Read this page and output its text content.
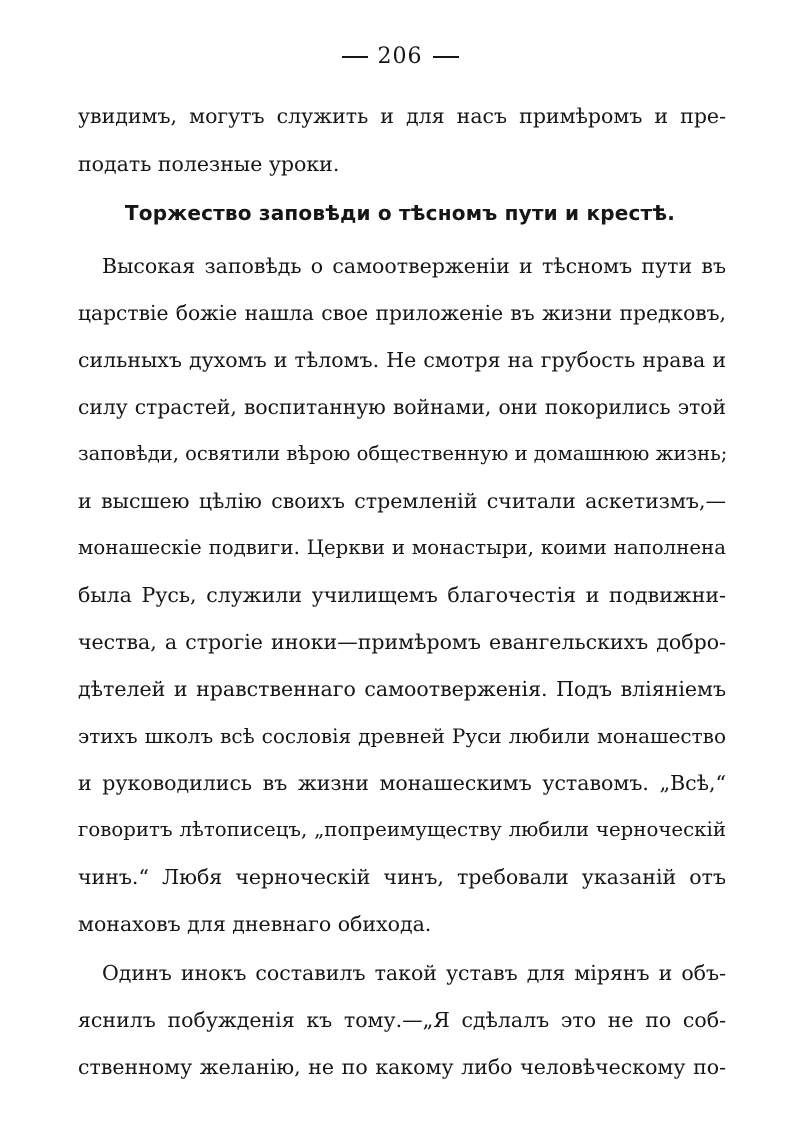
206
увидимъ, могутъ служить и для насъ примѣромъ и пре-
подать полезные уроки.
Торжество заповѣди о тѣсномъ пути и крестѣ.
Высокая заповѣдь о самоотверженіи и тѣсномъ пути въ
царствіе божіе нашла свое приложеніе въ жизни предковъ,
сильныхъ духомъ и тѣломъ. Не смотря на грубость нрава и
силу страстей, воспитанную войнами, они покорились этой
заповѣди, освятили вѣрою общественную и домашнюю жизнь;
и высшею цѣлію своихъ стремленій считали аскетизмъ,—
монашескіе подвиги. Церкви и монастыри, коими наполнена
была Русь, служили училищемъ благочестія и подвижни-
чества, а строгіе иноки—примѣромъ евангельскихъ добро-
дѣтелей и нравственнаго самоотверженія. Подъ вліяніемъ
этихъ школъ всѣ сословія древней Руси любили монашество
и руководились въ жизни монашескимъ уставомъ. „Всѣ,“
говоритъ лѣтописецъ, „попреимуществу любили черноческій
чинъ.“ Любя черноческій чинъ, требовали указаній отъ
монаховъ для дневнаго обихода.
Одинъ инокъ составилъ такой уставъ для мірянъ и объ-
яснилъ побужденія къ тому.—„Я сдѣлалъ это не по соб-
ственному желанію, не по какому либо человѣческому по-
